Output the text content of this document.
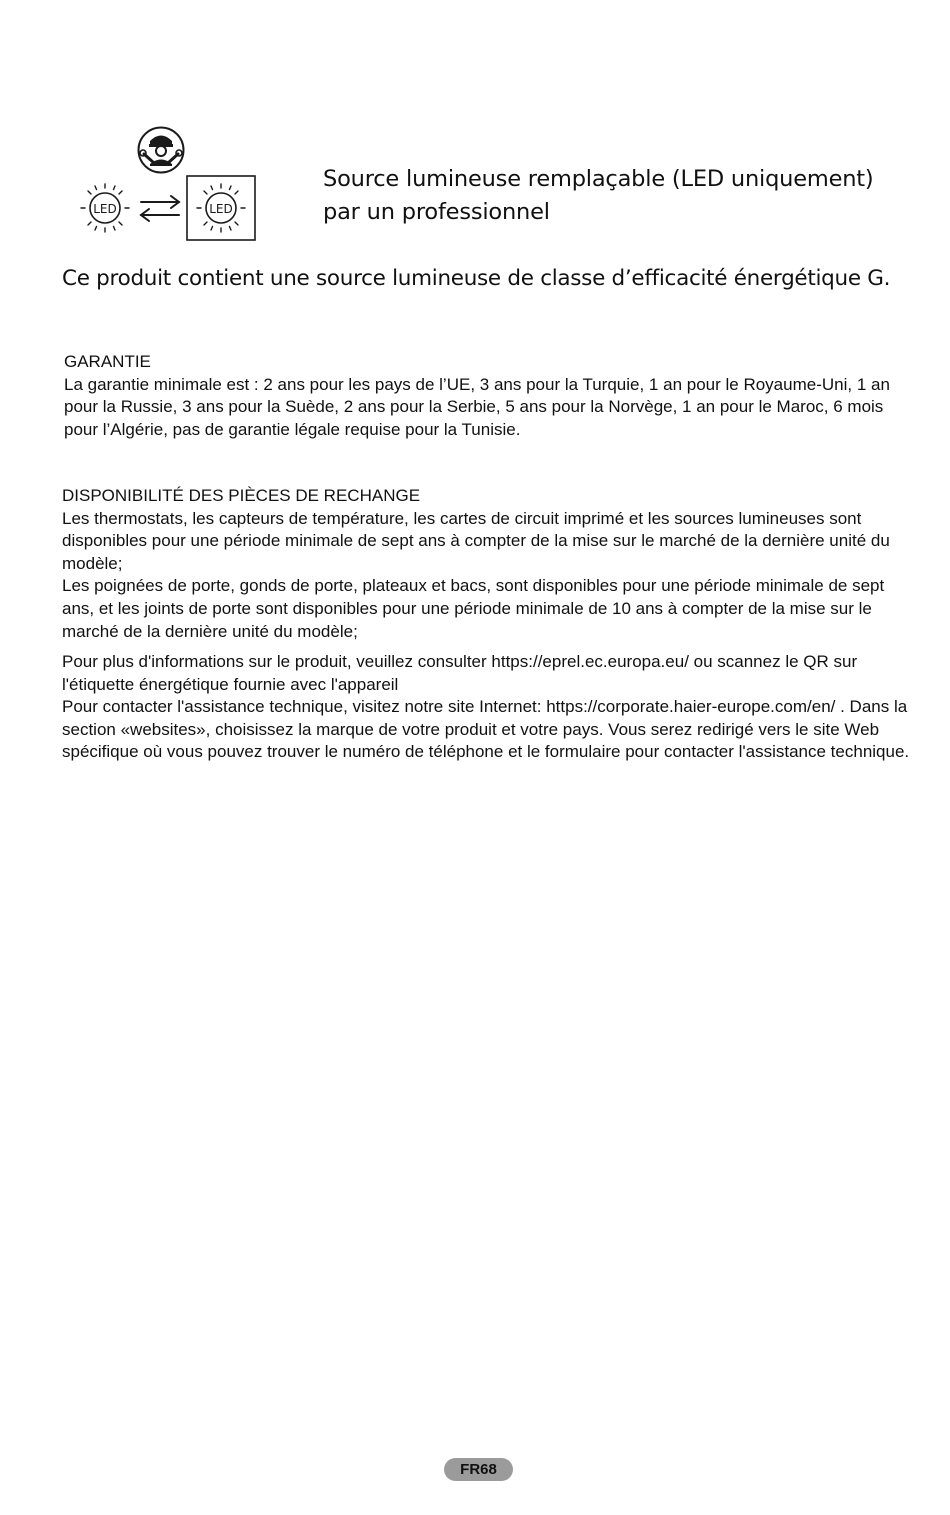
LED	LED
Source lumineuse remplaçable (LED uniquement)
par un professionnel
Ce produit contient une source lumineuse de classe d’efficacité énergétique G.
GARANTIE

La garantie minimale est : 2 ans pour les pays de l’UE, 3 ans pour la Turquie, 1 an pour le Royaume-Uni, 1 an pour la Russie, 3 ans pour la Suède, 2 ans pour la Serbie, 5 ans pour la Norvège, 1 an pour le Maroc, 6 mois pour l’Algérie, pas de garantie légale requise pour la Tunisie.

DISPONIBILITÉ DES PIÈCES DE RECHANGE

Les thermostats, les capteurs de température, les cartes de circuit imprimé et les sources lumineuses sont disponibles pour une période minimale de sept ans à compter de la mise sur le marché de la dernière unité du modèle;

Les poignées de porte, gonds de porte, plateaux et bacs, sont disponibles pour une période minimale de sept ans, et les joints de porte sont disponibles pour une période minimale de 10 ans à compter de la mise sur le marché de la dernière unité du modèle;

Pour plus d'informations sur le produit, veuillez consulter https://eprel.ec.europa.eu/ ou scannez le QR sur l'étiquette énergétique fournie avec l'appareil

Pour contacter l'assistance technique, visitez notre site Internet: https://corporate.haier-europe.com/en/ . Dans la section «websites», choisissez la marque de votre produit et votre pays. Vous serez redirigé vers le site Web spécifique où vous pouvez trouver le numéro de téléphone et le formulaire pour contacter l'assistance technique.

FR68
